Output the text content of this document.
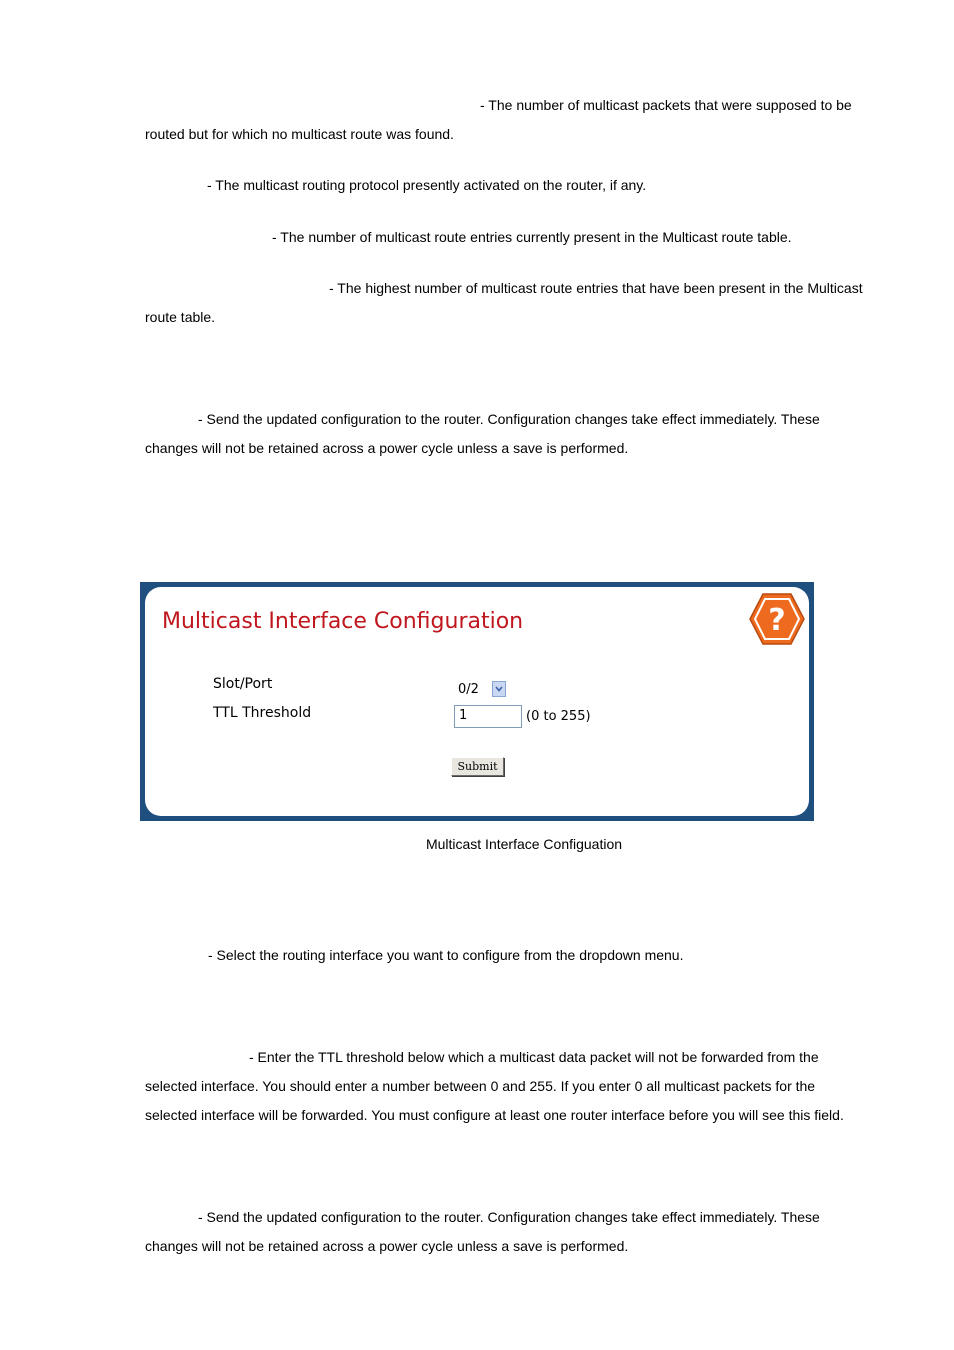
- The number of multicast packets that were supposed to be
routed but for which no multicast route was found.

- The multicast routing protocol presently activated on the router, if any.

- The number of multicast route entries currently present in the Multicast route table.

- The highest number of multicast route entries that have been present in the Multicast
route table.

- Send the updated configuration to the router. Configuration changes take effect immediately. These
changes will not be retained across a power cycle unless a save is performed.

Multicast Interface Configuration	?
Slot/Port	0/2
TTL Threshold	1	(0 to 255)
Submit
Multicast Interface Configuation

- Select the routing interface you want to configure from the dropdown menu.

- Enter the TTL threshold below which a multicast data packet will not be forwarded from the
selected interface. You should enter a number between 0 and 255. If you enter 0 all multicast packets for the
selected interface will be forwarded. You must configure at least one router interface before you will see this field.

- Send the updated configuration to the router. Configuration changes take effect immediately. These
changes will not be retained across a power cycle unless a save is performed.
